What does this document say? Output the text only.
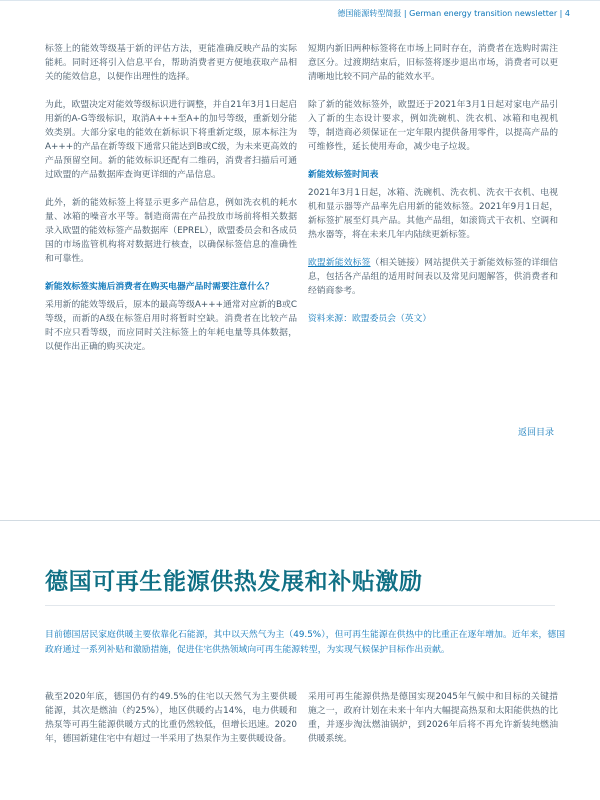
德国能源转型简报 | German energy transition newsletter | 4

标签上的能效等级基于新的评估方法，更能准确反映产品的实际能耗。同时还将引入信息平台，帮助消费者更方便地获取产品相关的能效信息，以便作出理性的选择。

为此，欧盟决定对能效等级标识进行调整，并自21年3月1日起启用新的A-G等级标识，取消A+++至A+的加号等级，重新划分能效类别。大部分家电的能效在新标识下将重新定级，原本标注为A+++的产品在新等级下通常只能达到B或C级，为未来更高效的产品预留空间。新的能效标识还配有二维码，消费者扫描后可通过欧盟的产品数据库查询更详细的产品信息。

此外，新的能效标签上将显示更多产品信息，例如洗衣机的耗水量、冰箱的噪音水平等。制造商需在产品投放市场前将相关数据录入欧盟的能效标签产品数据库（EPREL），欧盟委员会和各成员国的市场监管机构将对数据进行核查，以确保标签信息的准确性和可靠性。

新能效标签实施后消费者在购买电器产品时需要注意什么？

采用新的能效等级后，原本的最高等级A+++通常对应新的B或C等级，而新的A级在标签启用时将暂时空缺。消费者在比较产品时不应只看等级，而应同时关注标签上的年耗电量等具体数据，以便作出正确的购买决定。

短期内新旧两种标签将在市场上同时存在，消费者在选购时需注意区分。过渡期结束后，旧标签将逐步退出市场，消费者可以更清晰地比较不同产品的能效水平。

除了新的能效标签外，欧盟还于2021年3月1日起对家电产品引入了新的生态设计要求，例如洗碗机、洗衣机、冰箱和电视机等，制造商必须保证在一定年限内提供备用零件，以提高产品的可维修性，延长使用寿命，减少电子垃圾。

新能效标签时间表

2021年3月1日起，冰箱、洗碗机、洗衣机、洗衣干衣机、电视机和显示器等产品率先启用新的能效标签。2021年9月1日起，新标签扩展至灯具产品。其他产品组，如滚筒式干衣机、空调和热水器等，将在未来几年内陆续更新标签。

欧盟新能效标签（相关链接）网站提供关于新能效标签的详细信息，包括各产品组的适用时间表以及常见问题解答，供消费者和经销商参考。

资料来源：欧盟委员会（英文）
返回目录
德国可再生能源供热发展和补贴激励
目前德国居民家庭供暖主要依靠化石能源，其中以天然气为主（49.5%），但可再生能源在供热中的比重正在逐年增加。近年来，德国政府通过一系列补贴和激励措施，促进住宅供热领域向可再生能源转型，为实现气候保护目标作出贡献。

截至2020年底，德国仍有约49.5%的住宅以天然气为主要供暖能源，其次是燃油（约25%），地区供暖约占14%，电力供暖和热泵等可再生能源供暖方式的比重仍然较低，但增长迅速。2020年，德国新建住宅中有超过一半采用了热泵作为主要供暖设备。

采用可再生能源供热是德国实现2045年气候中和目标的关键措施之一，政府计划在未来十年内大幅提高热泵和太阳能供热的比重，并逐步淘汰燃油锅炉，到2026年后将不再允许新装纯燃油供暖系统。
